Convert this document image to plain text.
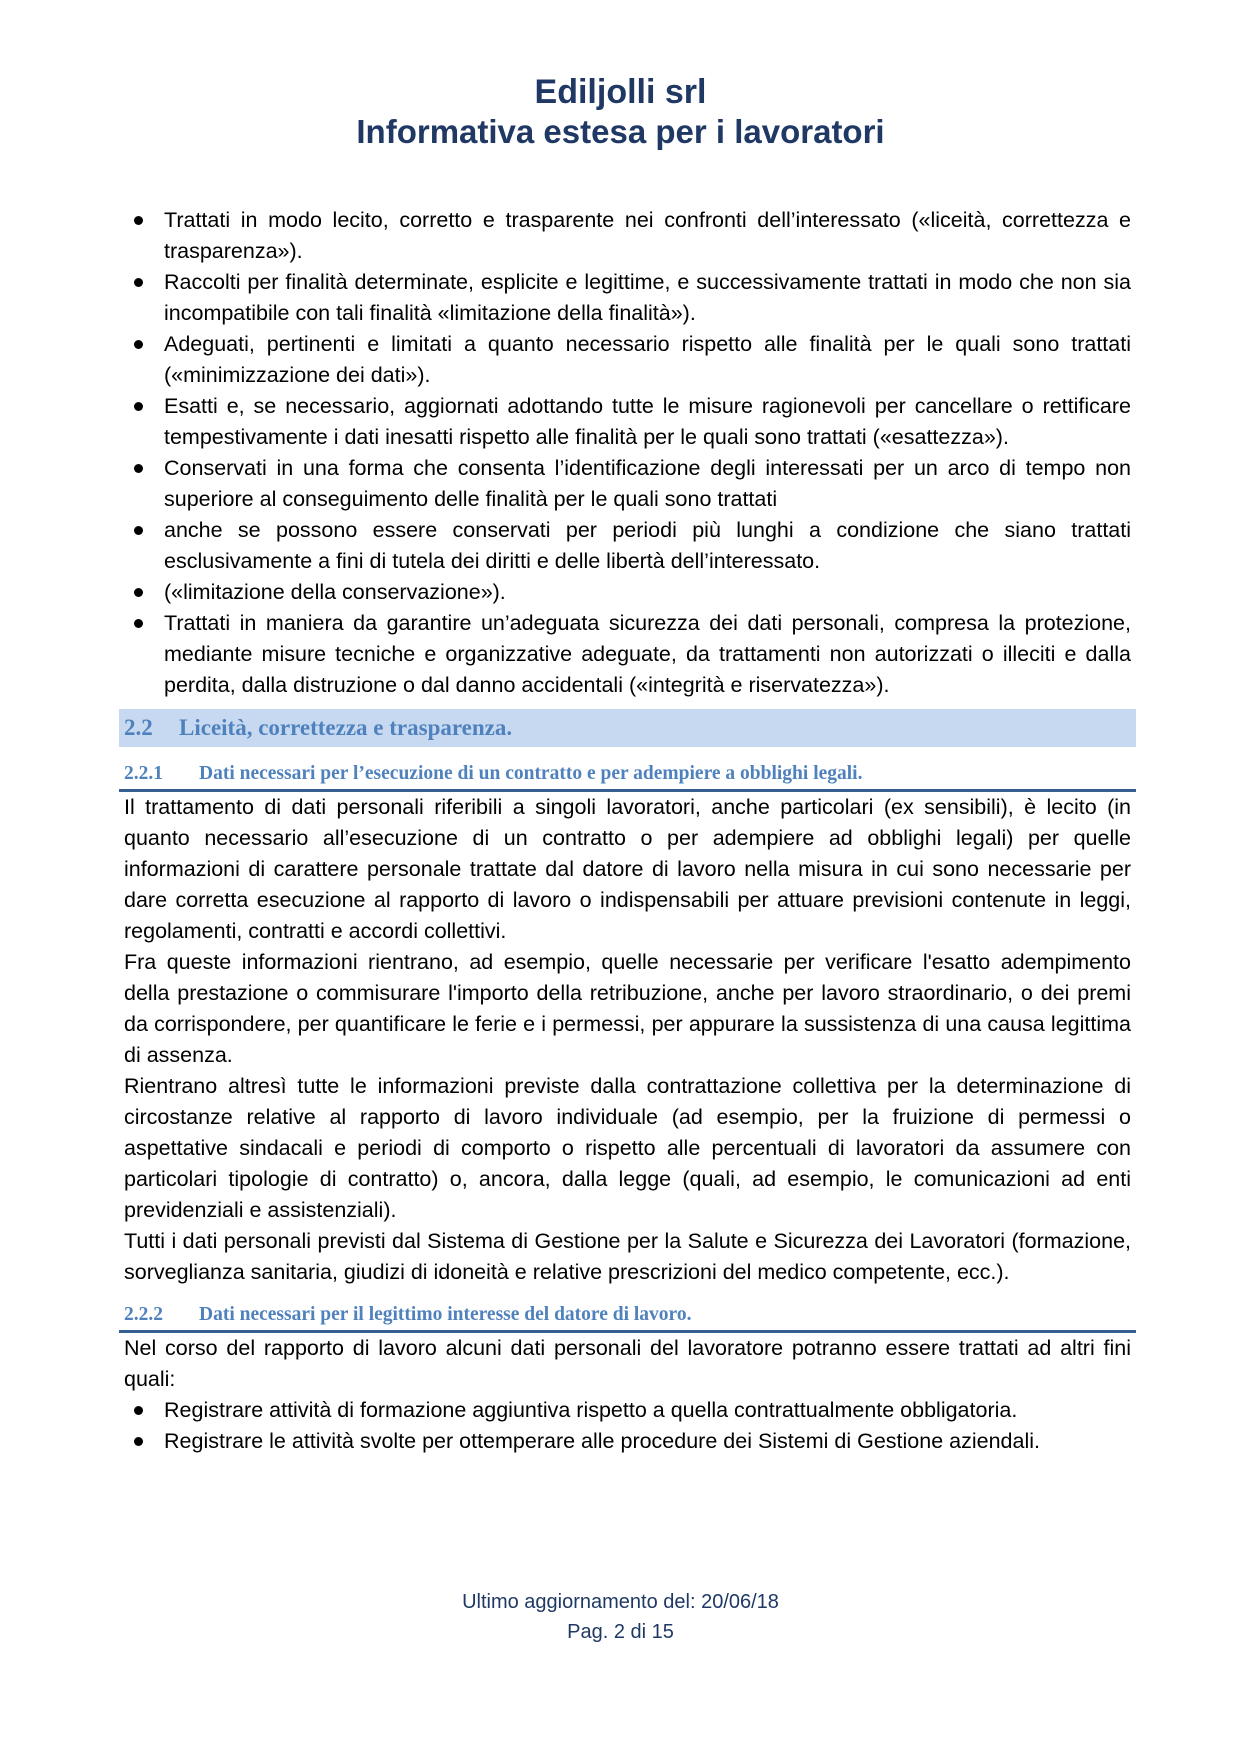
Ediljolli srl
Informativa estesa per i lavoratori
Trattati in modo lecito, corretto e trasparente nei confronti dell’interessato («liceità, correttezza e trasparenza»).
Raccolti per finalità determinate, esplicite e legittime, e successivamente trattati in modo che non sia incompatibile con tali finalità «limitazione della finalità»).
Adeguati, pertinenti e limitati a quanto necessario rispetto alle finalità per le quali sono trattati («minimizzazione dei dati»).
Esatti e, se necessario, aggiornati adottando tutte le misure ragionevoli per cancellare o rettificare tempestivamente i dati inesatti rispetto alle finalità per le quali sono trattati («esattezza»).
Conservati in una forma che consenta l’identificazione degli interessati per un arco di tempo non superiore al conseguimento delle finalità per le quali sono trattati
anche se possono essere conservati per periodi più lunghi a condizione che siano trattati esclusivamente a fini di tutela dei diritti e delle libertà dell’interessato.
(«limitazione della conservazione»).
Trattati in maniera da garantire un’adeguata sicurezza dei dati personali, compresa la protezione, mediante misure tecniche e organizzative adeguate, da trattamenti non autorizzati o illeciti e dalla perdita, dalla distruzione o dal danno accidentali («integrità e riservatezza»).
2.2 Liceità, correttezza e trasparenza.
2.2.1 Dati necessari per l’esecuzione di un contratto e per adempiere a obblighi legali.

Il trattamento di dati personali riferibili a singoli lavoratori, anche particolari (ex sensibili), è lecito (in quanto necessario all’esecuzione di un contratto o per adempiere ad obblighi legali) per quelle informazioni di carattere personale trattate dal datore di lavoro nella misura in cui sono necessarie per dare corretta esecuzione al rapporto di lavoro o indispensabili per attuare previsioni contenute in leggi, regolamenti, contratti e accordi collettivi.

Fra queste informazioni rientrano, ad esempio, quelle necessarie per verificare l'esatto adempimento della prestazione o commisurare l'importo della retribuzione, anche per lavoro straordinario, o dei premi da corrispondere, per quantificare le ferie e i permessi, per appurare la sussistenza di una causa legittima di assenza.

Rientrano altresì tutte le informazioni previste dalla contrattazione collettiva per la determinazione di circostanze relative al rapporto di lavoro individuale (ad esempio, per la fruizione di permessi o aspettative sindacali e periodi di comporto o rispetto alle percentuali di lavoratori da assumere con particolari tipologie di contratto) o, ancora, dalla legge (quali, ad esempio, le comunicazioni ad enti previdenziali e assistenziali).

Tutti i dati personali previsti dal Sistema di Gestione per la Salute e Sicurezza dei Lavoratori (formazione, sorveglianza sanitaria, giudizi di idoneità e relative prescrizioni del medico competente, ecc.).

2.2.2 Dati necessari per il legittimo interesse del datore di lavoro.

Nel corso del rapporto di lavoro alcuni dati personali del lavoratore potranno essere trattati ad altri fini quali:

Registrare attività di formazione aggiuntiva rispetto a quella contrattualmente obbligatoria.
Registrare le attività svolte per ottemperare alle procedure dei Sistemi di Gestione aziendali.
Ultimo aggiornamento del: 20/06/18
Pag. 2 di 15
